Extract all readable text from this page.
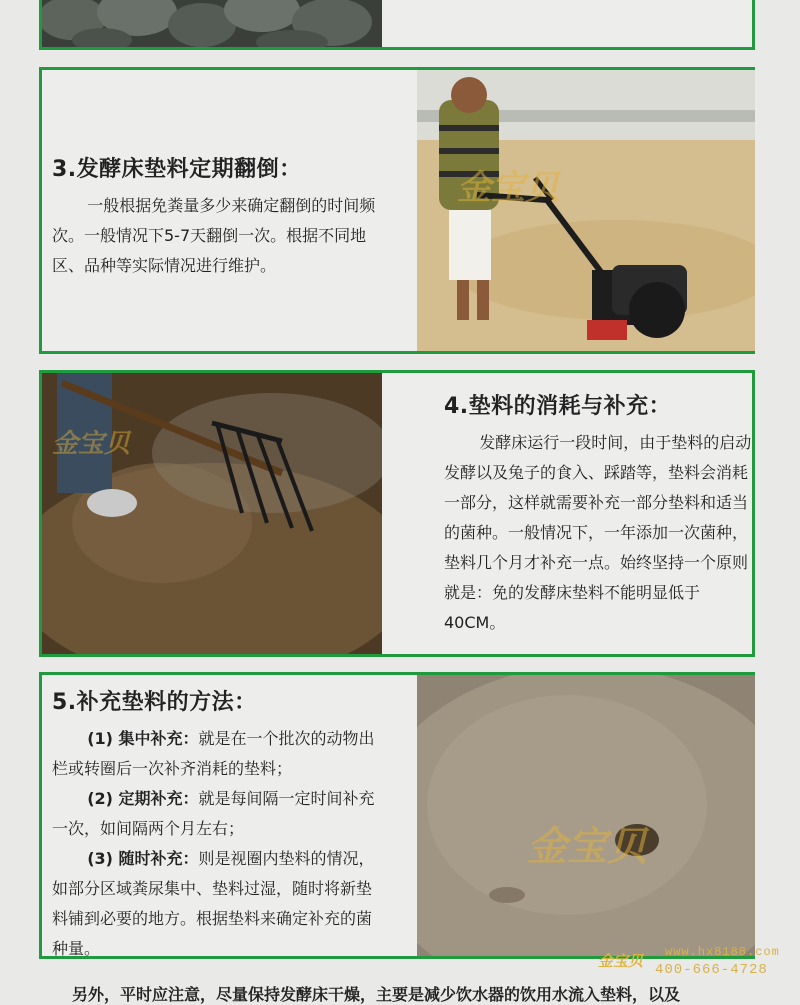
3.发酵床垫料定期翻倒：

一般根据免粪量多少来确定翻倒的时间频次。一般情况下5-7天翻倒一次。根据不同地区、品种等实际情况进行维护。

金宝贝
金宝贝

4.垫料的消耗与补充：

发酵床运行一段时间，由于垫料的启动发酵以及兔子的食入、踩踏等，垫料会消耗一部分，这样就需要补充一部分垫料和适当的菌种。一般情况下，一年添加一次菌种，垫料几个月才补充一点。始终坚持一个原则就是：免的发酵床垫料不能明显低于40CM。

5.补充垫料的方法：

(1) 集中补充：就是在一个批次的动物出栏或转圈后一次补齐消耗的垫料；

(2) 定期补充：就是每间隔一定时间补充一次，如间隔两个月左右；

(3) 随时补充：则是视圈内垫料的情况，如部分区域粪尿集中、垫料过湿，随时将新垫料铺到必要的地方。根据垫料来确定补充的菌种量。

金宝贝
金宝贝 www.hx8188.com
400-666-4728
另外，平时应注意，尽量保持发酵床干燥，主要是减少饮水器的饮用水流入垫料，以及
